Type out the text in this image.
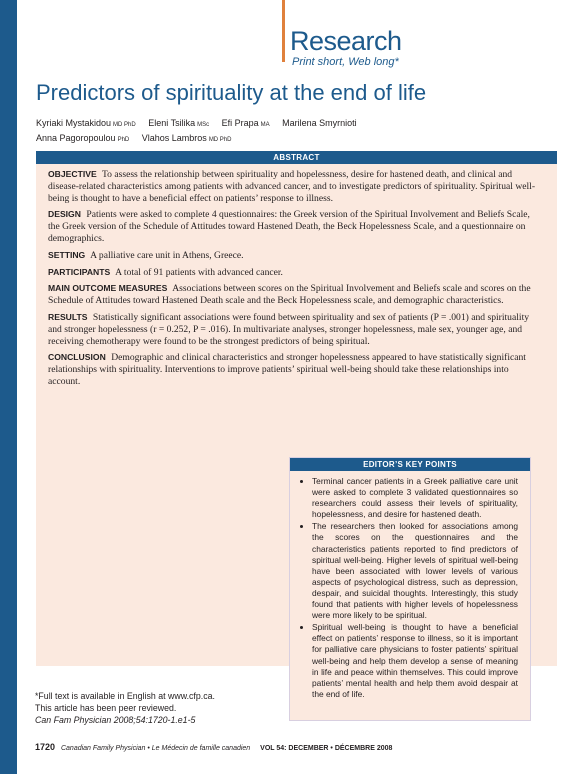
Research
Print short, Web long*
Predictors of spirituality at the end of life
Kyriaki Mystakidou MD PhD Eleni Tsilika MSc Efi Prapa MA Marilena Smyrnioti
Anna Pagoropoulou PhD Vlahos Lambros MD PhD
ABSTRACT

OBJECTIVE To assess the relationship between spirituality and hopelessness, desire for hastened death, and clinical and disease-related characteristics among patients with advanced cancer, and to investigate predictors of spirituality. Spiritual well-being is thought to have a beneficial effect on patients’ response to illness.

DESIGN Patients were asked to complete 4 questionnaires: the Greek version of the Spiritual Involvement and Beliefs Scale, the Greek version of the Schedule of Attitudes toward Hastened Death, the Beck Hopelessness Scale, and a questionnaire on demographics.

SETTING A palliative care unit in Athens, Greece.

PARTICIPANTS A total of 91 patients with advanced cancer.

MAIN OUTCOME MEASURES Associations between scores on the Spiritual Involvement and Beliefs scale and scores on the Schedule of Attitudes toward Hastened Death scale and the Beck Hopelessness scale, and demographic characteristics.

RESULTS Statistically significant associations were found between spirituality and sex of patients (P = .001) and spirituality and stronger hopelessness (r = 0.252, P = .016). In multivariate analyses, stronger hopelessness, male sex, younger age, and receiving chemotherapy were found to be the strongest predictors of being spiritual.

CONCLUSION Demographic and clinical characteristics and stronger hopelessness appeared to have statistically significant relationships with spirituality. Interventions to improve patients’ spiritual well-being should take these relationships into account.

EDITOR’S KEY POINTS
• Terminal cancer patients in a Greek palliative care unit were asked to complete 3 validated questionnaires so researchers could assess their levels of spirituality, hopelessness, and desire for hastened death.
• The researchers then looked for associations among the scores on the questionnaires and the characteristics patients reported to find predictors of spiritual well-being. Higher levels of spiritual well-being have been associated with lower levels of various aspects of psychological distress, such as depression, despair, and suicidal thoughts. Interestingly, this study found that patients with higher levels of hopelessness were more likely to be spiritual.
• Spiritual well-being is thought to have a beneficial effect on patients’ response to illness, so it is important for palliative care physicians to foster patients’ spiritual well-being and help them develop a sense of meaning in life and peace within themselves. This could improve patients’ mental health and help them avoid despair at the end of life.
*Full text is available in English at www.cfp.ca.
This article has been peer reviewed.
Can Fam Physician 2008;54:1720-1.e1-5
1720 Canadian Family Physician • Le Médecin de famille canadien VOL 54: DECEMBER • DÉCEMBRE 2008
